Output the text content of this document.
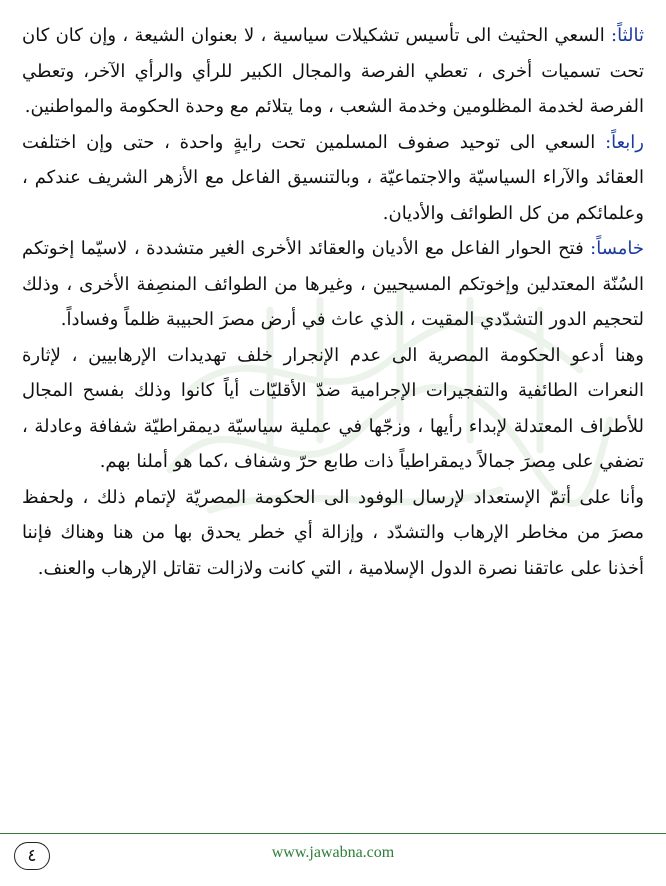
ثالثاً: السعي الحثيث الى تأسيس تشكيلات سياسية ، لا بعنوان الشيعة ، وإن كان كان تحت تسميات أخرى ، تعطي الفرصة والمجال الكبير للرأي والرأي الآخر، وتعطي الفرصة لخدمة المظلومين وخدمة الشعب ، وما يتلائم مع وحدة الحكومة والمواطنين.

رابعاً: السعي الى توحيد صفوف المسلمين تحت رايةٍ واحدة ، حتى وإن اختلفت العقائد والآراء السياسيّة والاجتماعيّة ، وبالتنسيق الفاعل مع الأزهر الشريف عندكم ، وعلمائكم من كل الطوائف والأديان.

خامساً: فتح الحوار الفاعل مع الأديان والعقائد الأخرى الغير متشددة ، لاسيّما إخوتكم السُنّة المعتدلين وإخوتكم المسيحيين ، وغيرها من الطوائف المنصِفة الأخرى ، وذلك لتحجيم الدور التشدّدي المقيت ، الذي عاث في أرض مصرَ الحبيبة ظلماً وفساداً.

وهنا أدعو الحكومة المصرية الى عدم الإنجرار خلف تهديدات الإرهابيين ، لإثارة النعرات الطائفية والتفجيرات الإجرامية ضدّ الأقليّات أياً كانوا وذلك بفسح المجال للأطراف المعتدلة لإبداء رأيها ، وزجّها في عملية سياسيّة ديمقراطيّة شفافة وعادلة ، تضفي على مِصرَ جمالاً ديمقراطياً ذات طابع حرّ وشفاف ،كما هو أملنا بهم.

وأنا على أتمّ الإستعداد لإرسال الوفود الى الحكومة المصريّة لإتمام ذلك ، ولحفظ مصرَ من مخاطر الإرهاب والتشدّد ، وإزالة أي خطر يحدق بها من هنا وهناك فإننا أخذنا على عاتقنا نصرة الدول الإسلامية ، التي كانت ولازالت تقاتل الإرهاب والعنف.

www.jawabna.com
٤
